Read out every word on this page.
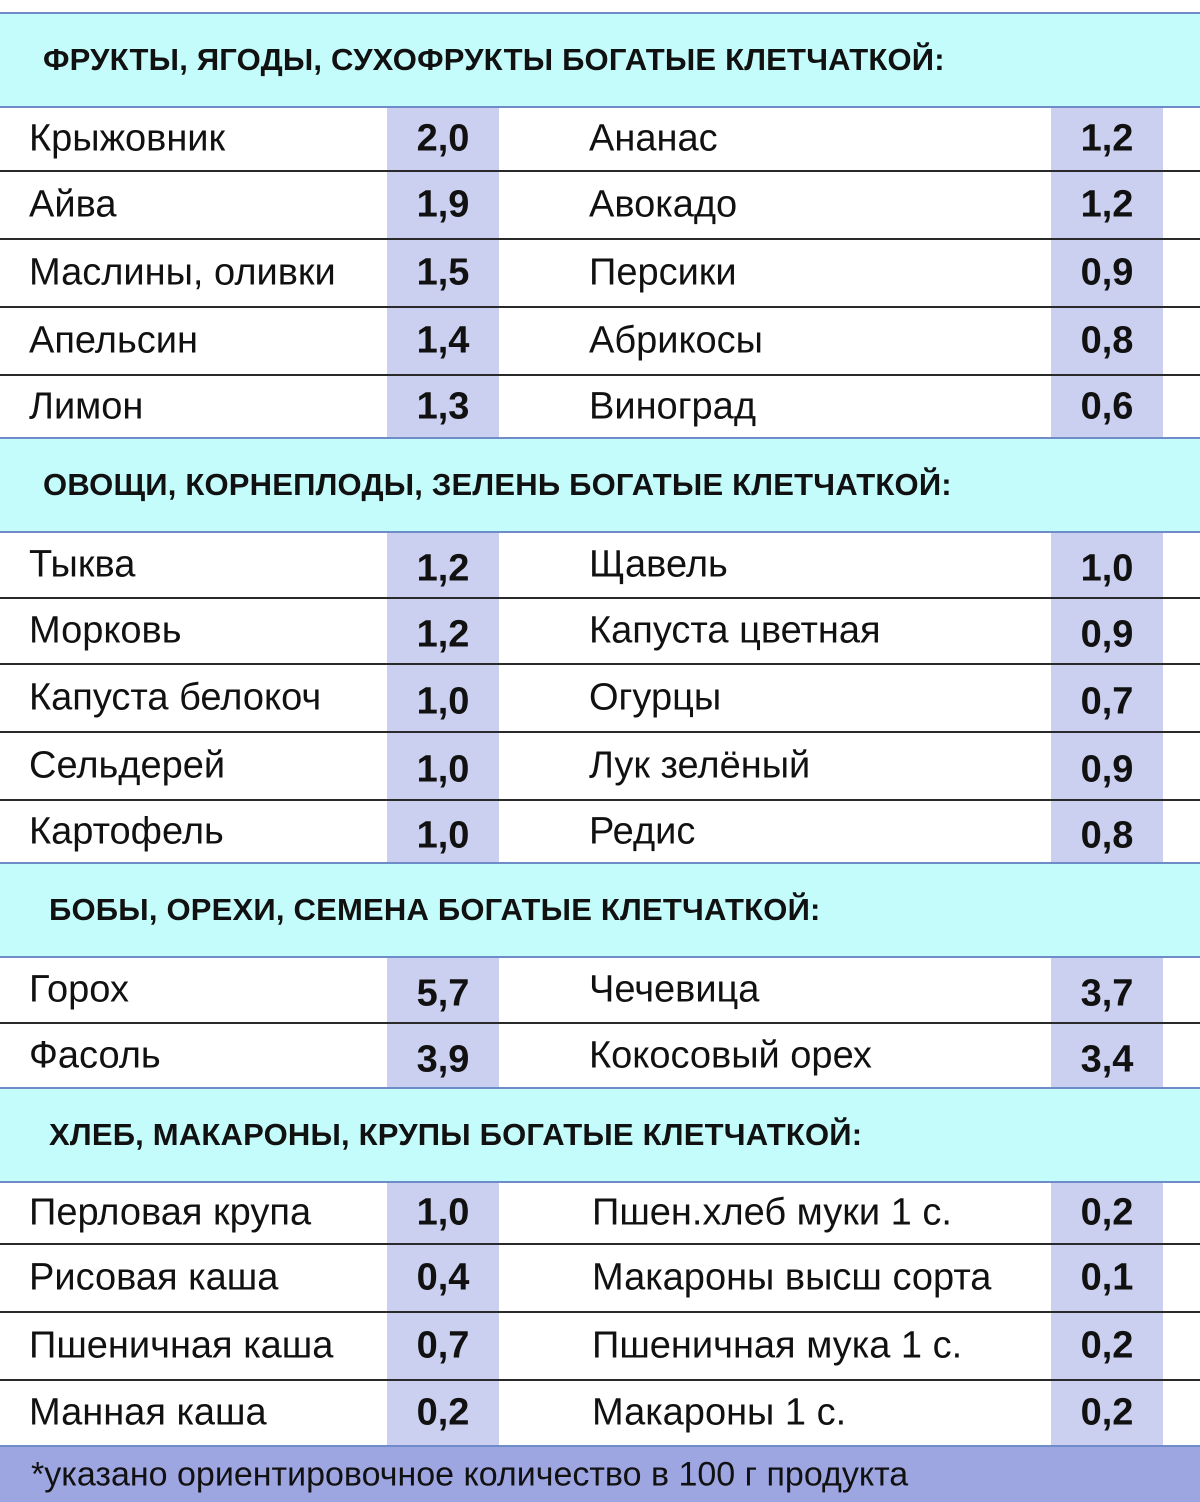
ФРУКТЫ, ЯГОДЫ, СУХОФРУКТЫ БОГАТЫЕ КЛЕТЧАТКОЙ:
Крыжовник	2,0	Ананас	1,2
Айва	1,9	Авокадо	1,2
Маслины, оливки	1,5	Персики	0,9
Апельсин	1,4	Абрикосы	0,8
Лимон	1,3	Виноград	0,6
ОВОЩИ, КОРНЕПЛОДЫ, ЗЕЛЕНЬ БОГАТЫЕ КЛЕТЧАТКОЙ:
Тыква	1,2	Щавель	1,0
Морковь	1,2	Капуста цветная	0,9
Капуста белокоч	1,0	Огурцы	0,7
Сельдерей	1,0	Лук зелёный	0,9
Картофель	1,0	Редис	0,8
БОБЫ, ОРЕХИ, СЕМЕНА БОГАТЫЕ КЛЕТЧАТКОЙ:
Горох	5,7	Чечевица	3,7
Фасоль	3,9	Кокосовый орех	3,4
ХЛЕБ, МАКАРОНЫ, КРУПЫ БОГАТЫЕ КЛЕТЧАТКОЙ:
Перловая крупа	1,0	Пшен.хлеб муки 1 с.	0,2
Рисовая каша	0,4	Макароны высш сорта	0,1
Пшеничная каша	0,7	Пшеничная мука 1 с.	0,2
Манная каша	0,2	Макароны 1 с.	0,2
*указано ориентировочное количество в 100 г продукта
